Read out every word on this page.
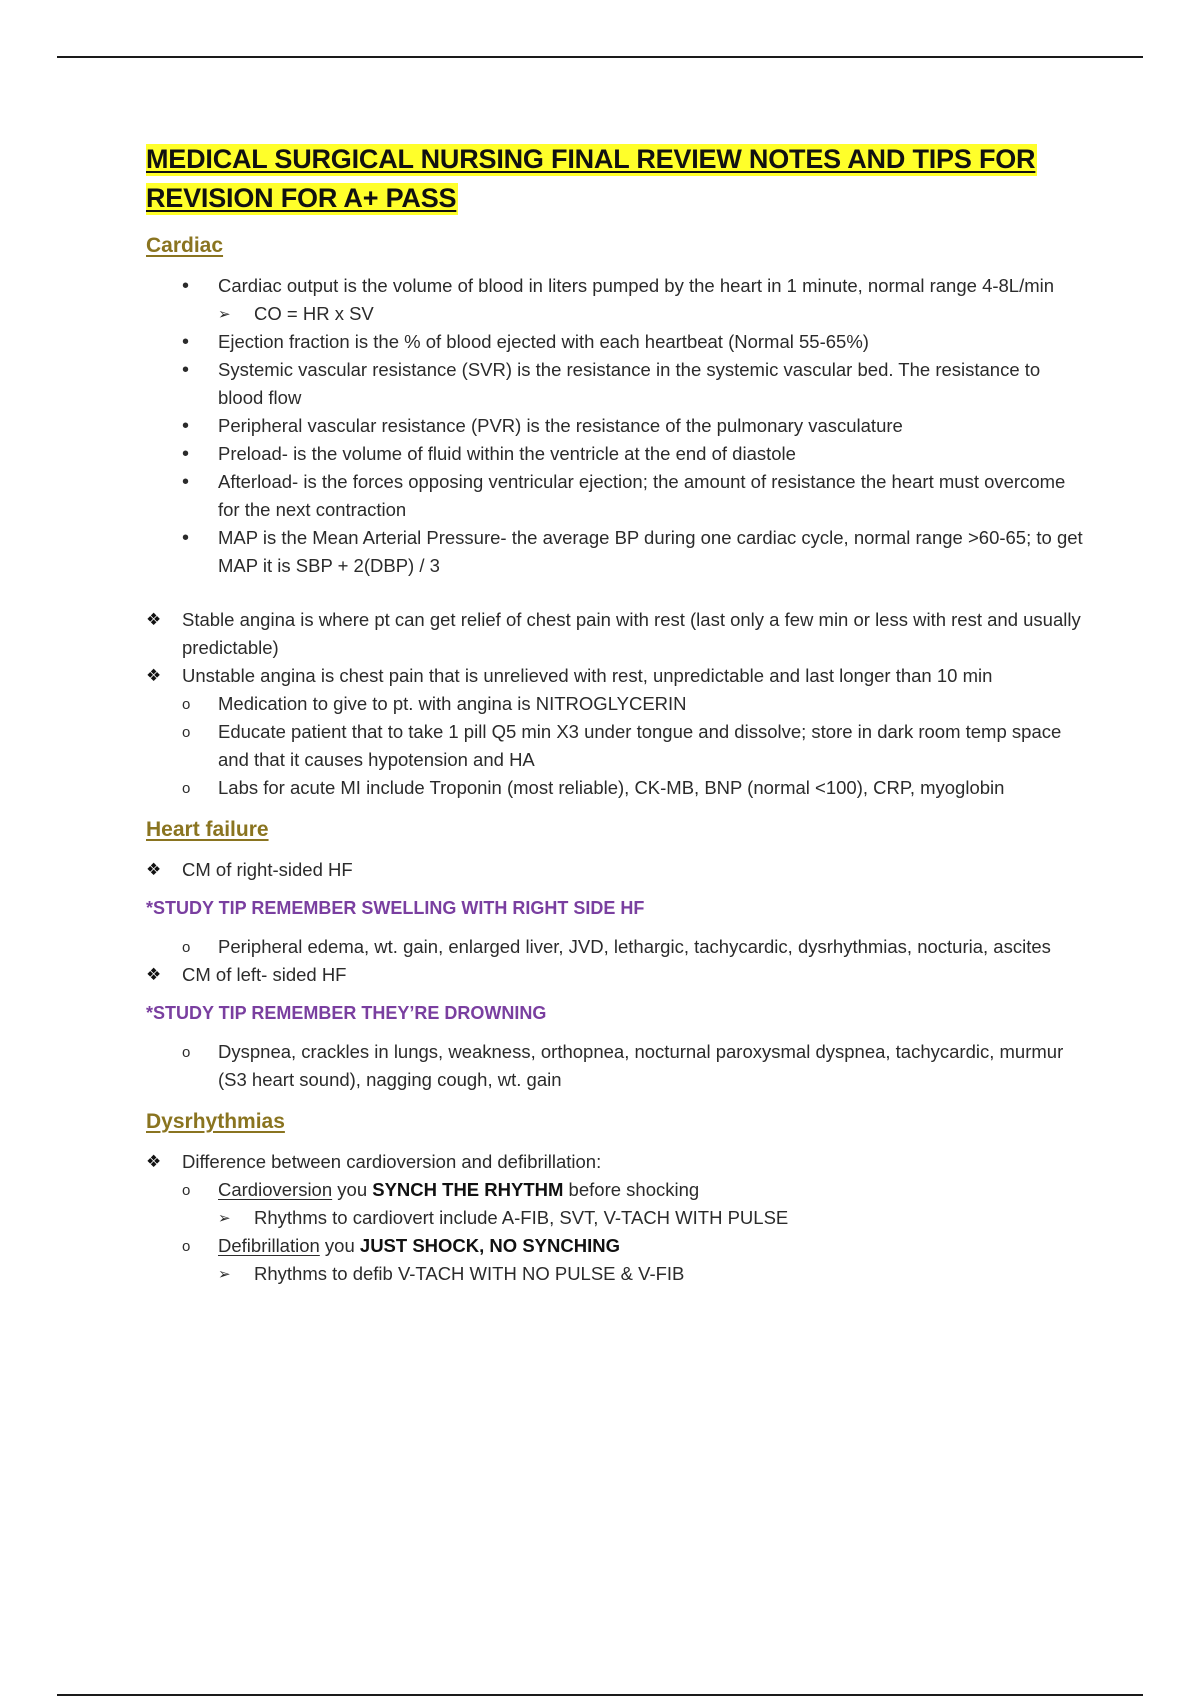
MEDICAL SURGICAL NURSING FINAL REVIEW NOTES AND TIPS FOR
REVISION FOR A+ PASS
Cardiac
• Cardiac output is the volume of blood in liters pumped by the heart in 1 minute, normal range 4-8L/min
➢ CO = HR x SV
• Ejection fraction is the % of blood ejected with each heartbeat (Normal 55-65%)
• Systemic vascular resistance (SVR) is the resistance in the systemic vascular bed. The resistance to blood flow
• Peripheral vascular resistance (PVR) is the resistance of the pulmonary vasculature
• Preload- is the volume of fluid within the ventricle at the end of diastole
• Afterload- is the forces opposing ventricular ejection; the amount of resistance the heart must overcome for the next contraction
• MAP is the Mean Arterial Pressure- the average BP during one cardiac cycle, normal range >60-65; to get MAP it is SBP + 2(DBP) / 3
❖ Stable angina is where pt can get relief of chest pain with rest (last only a few min or less with rest and usually predictable)
❖ Unstable angina is chest pain that is unrelieved with rest, unpredictable and last longer than 10 min
o Medication to give to pt. with angina is NITROGLYCERIN
o Educate patient that to take 1 pill Q5 min X3 under tongue and dissolve; store in dark room temp space and that it causes hypotension and HA
o Labs for acute MI include Troponin (most reliable), CK-MB, BNP (normal <100), CRP, myoglobin
Heart failure
❖ CM of right-sided HF

*STUDY TIP REMEMBER SWELLING WITH RIGHT SIDE HF

o Peripheral edema, wt. gain, enlarged liver, JVD, lethargic, tachycardic, dysrhythmias, nocturia, ascites
❖ CM of left- sided HF

*STUDY TIP REMEMBER THEY’RE DROWNING

o Dyspnea, crackles in lungs, weakness, orthopnea, nocturnal paroxysmal dyspnea, tachycardic, murmur (S3 heart sound), nagging cough, wt. gain
Dysrhythmias
❖ Difference between cardioversion and defibrillation:
o Cardioversion you SYNCH THE RHYTHM before shocking
➢ Rhythms to cardiovert include A-FIB, SVT, V-TACH WITH PULSE
o Defibrillation you JUST SHOCK, NO SYNCHING
➢ Rhythms to defib V-TACH WITH NO PULSE & V-FIB
